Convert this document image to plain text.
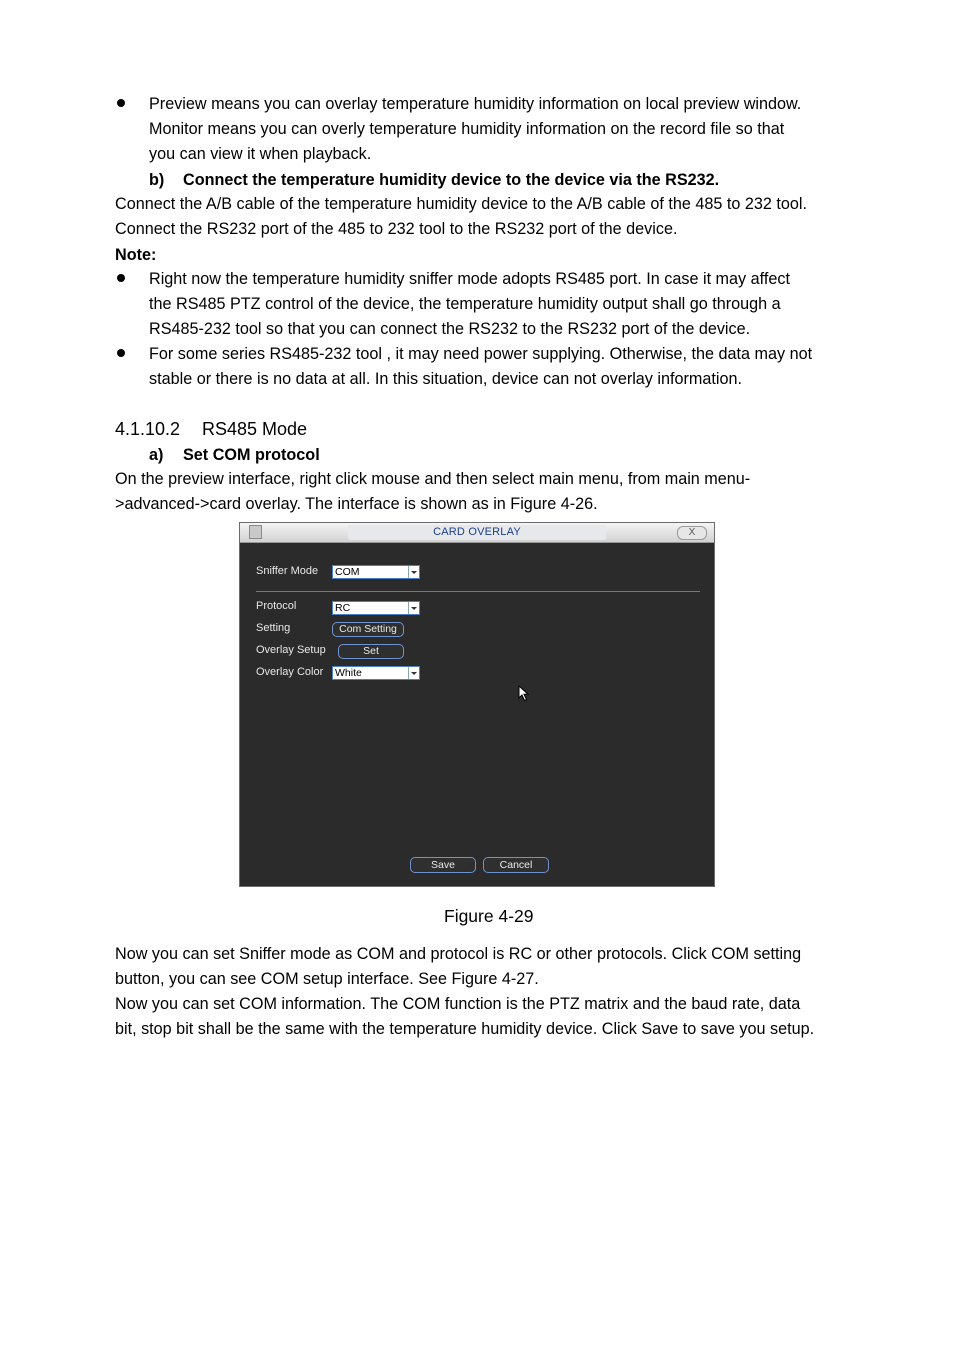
Preview means you can overlay temperature humidity information on local preview window.
Monitor means you can overly temperature humidity information on the record file so that
you can view it when playback.
b) Connect the temperature humidity device to the device via the RS232.
Connect the A/B cable of the temperature humidity device to the A/B cable of the 485 to 232 tool.
Connect the RS232 port of the 485 to 232 tool to the RS232 port of the device.
Note:
Right now the temperature humidity sniffer mode adopts RS485 port. In case it may affect
the RS485 PTZ control of the device, the temperature humidity output shall go through a
RS485-232 tool so that you can connect the RS232 to the RS232 port of the device.
For some series RS485-232 tool , it may need power supplying. Otherwise, the data may not
stable or there is no data at all. In this situation, device can not overlay information.
4.1.10.2 RS485 Mode
a) Set COM protocol
On the preview interface, right click mouse and then select main menu, from main menu-
>advanced->card overlay. The interface is shown as in Figure 4-26.
CARD OVERLAY	X
Sniffer Mode COM
Protocol	RC
Setting	Com Setting
Overlay Setup	Set
Overlay Color White
Save	Cancel
Figure 4-29
Now you can set Sniffer mode as COM and protocol is RC or other protocols. Click COM setting
button, you can see COM setup interface. See Figure 4-27.
Now you can set COM information. The COM function is the PTZ matrix and the baud rate, data
bit, stop bit shall be the same with the temperature humidity device. Click Save to save you setup.
